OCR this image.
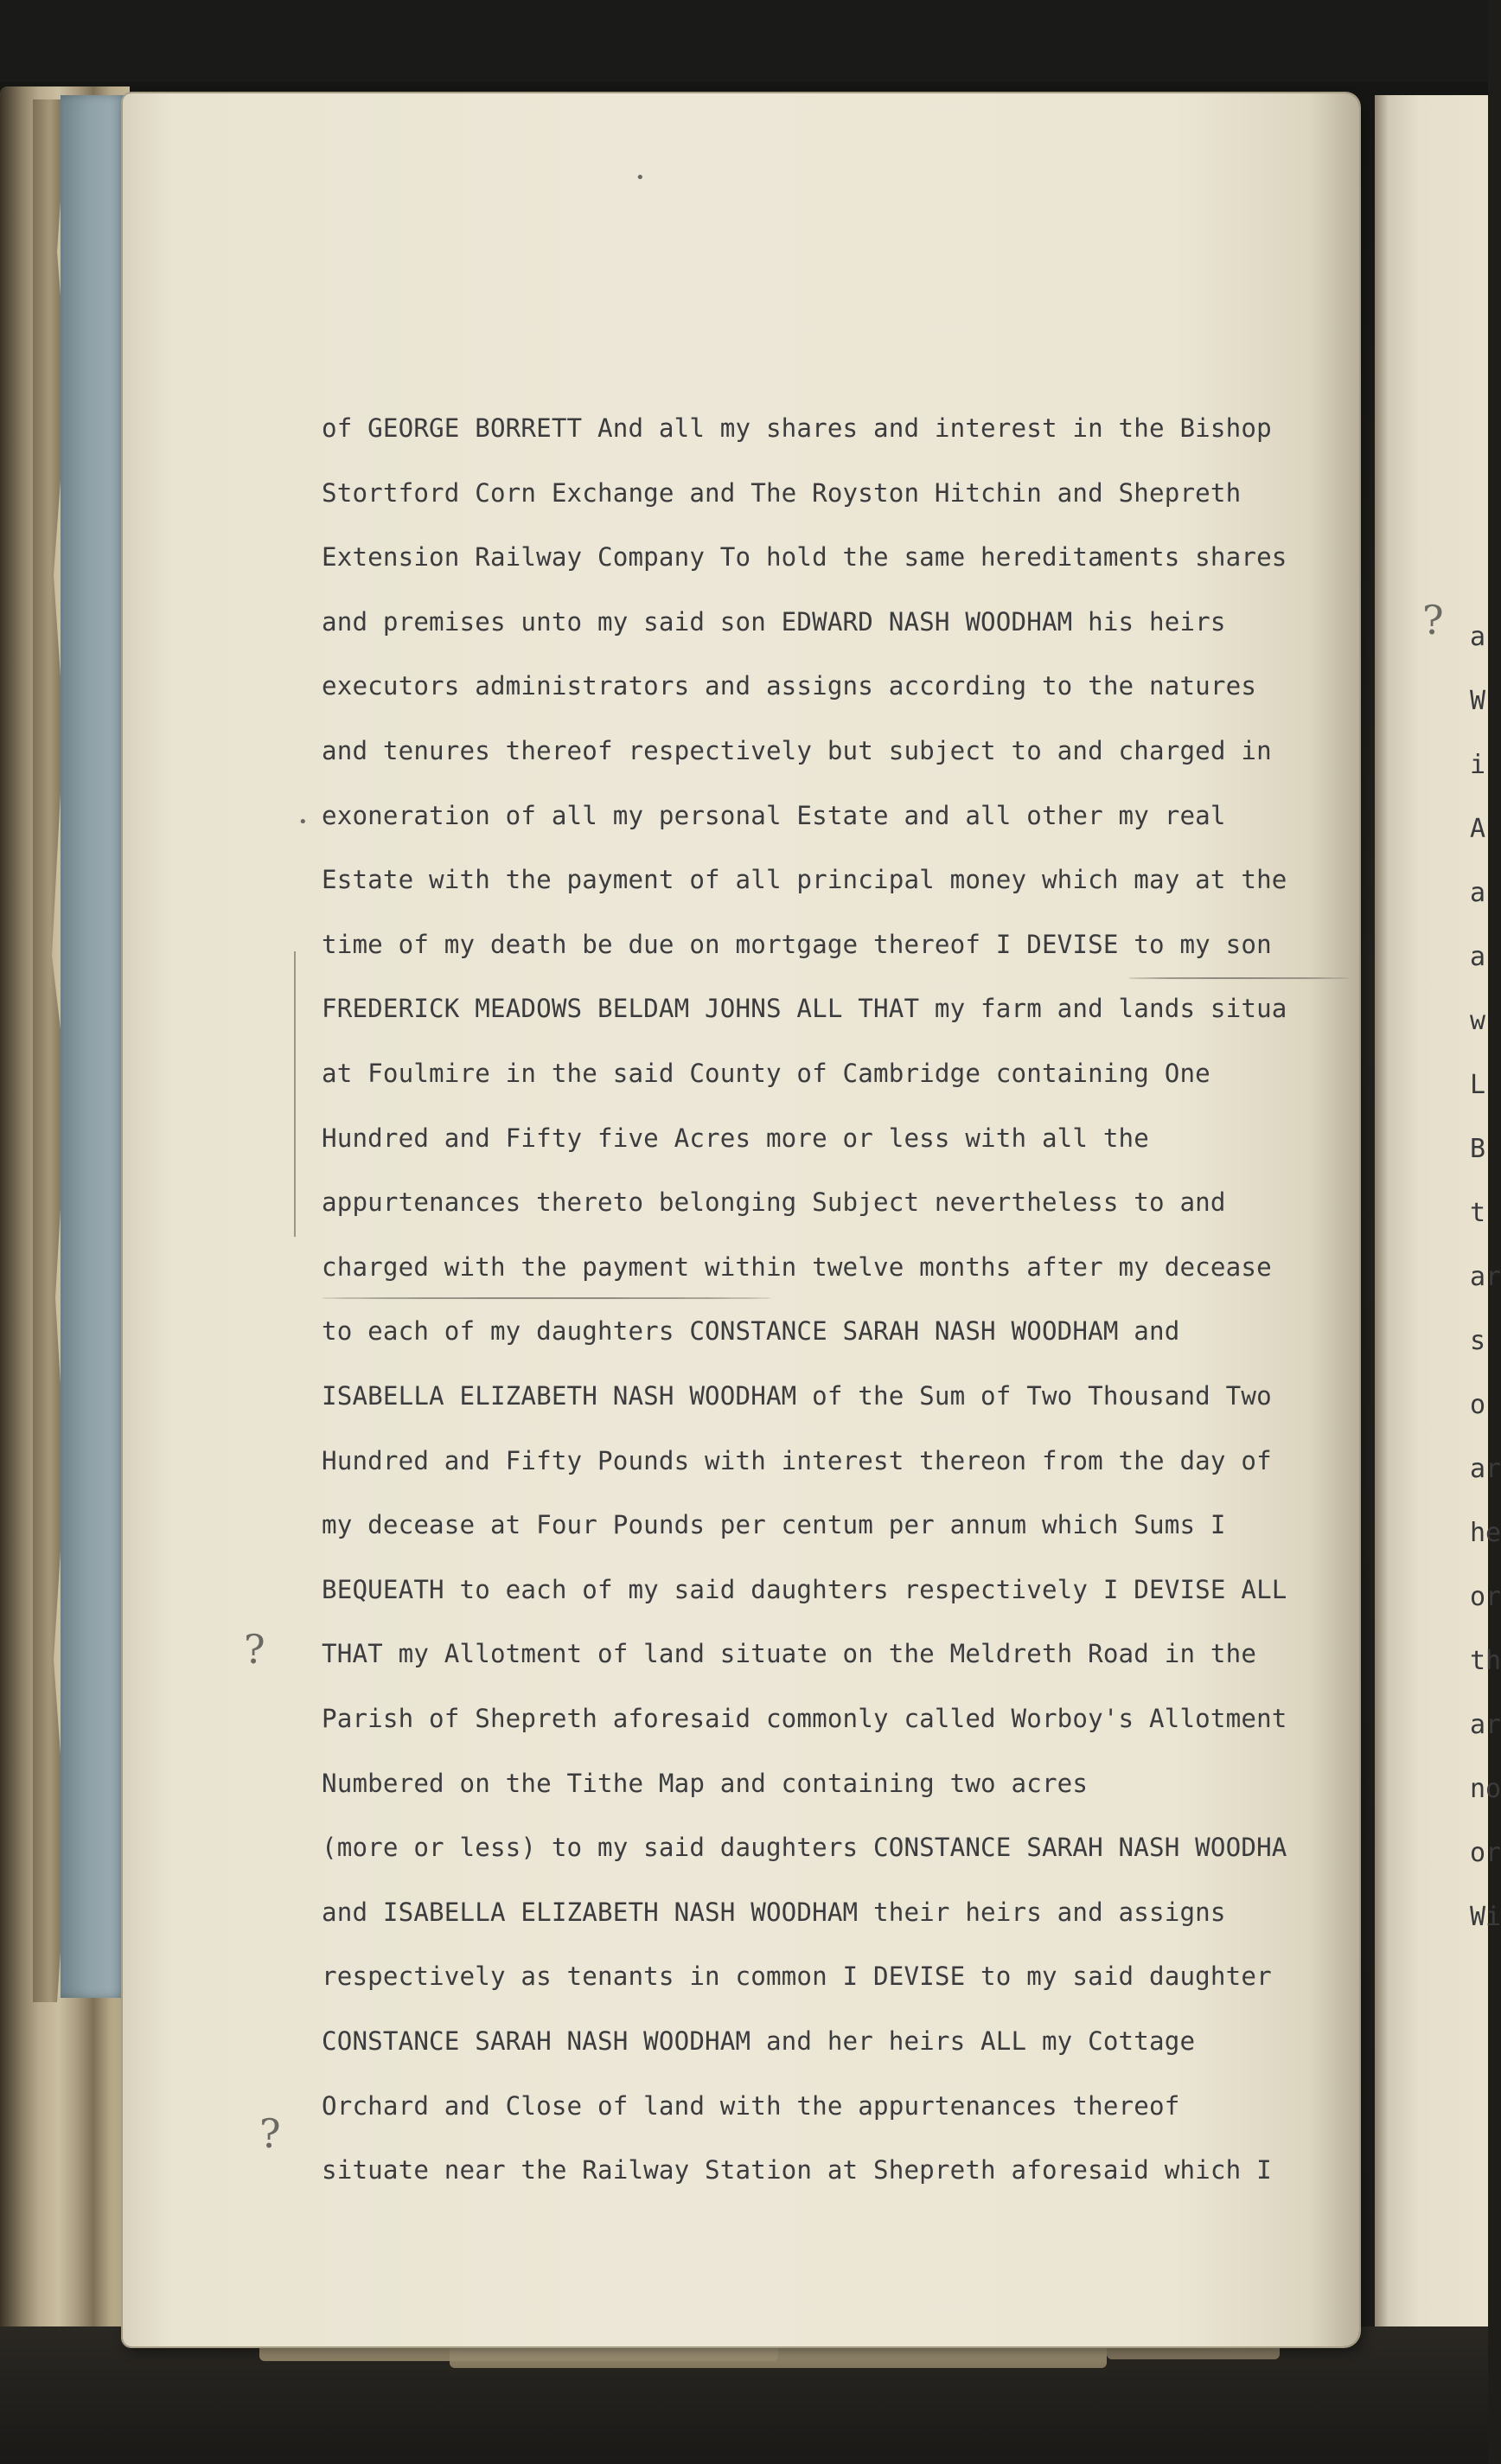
a
W
i
A
a
a
w
L
B
t
ar
s
o
ar
he
or
th
ar
no
or
Wi
•
•
?
?
?
of GEORGE BORRETT And all my shares and interest in the Bishop
Stortford Corn Exchange and The Royston Hitchin and Shepreth
Extension Railway Company To hold the same hereditaments shares
and premises unto my said son EDWARD NASH WOODHAM his heirs
executors administrators and assigns according to the natures
and tenures thereof respectively but subject to and charged in
exoneration of all my personal Estate and all other my real
Estate with the payment of all principal money which may at the
time of my death be due on mortgage thereof I DEVISE to my son
FREDERICK MEADOWS BELDAM JOHNS ALL THAT my farm and lands situa
at Foulmire in the said County of Cambridge containing One
Hundred and Fifty five Acres more or less with all the
appurtenances thereto belonging Subject nevertheless to and
charged with the payment within twelve months after my decease
to each of my daughters CONSTANCE SARAH NASH WOODHAM and
ISABELLA ELIZABETH NASH WOODHAM of the Sum of Two Thousand Two
Hundred and Fifty Pounds with interest thereon from the day of
my decease at Four Pounds per centum per annum which Sums I
BEQUEATH to each of my said daughters respectively I DEVISE ALL
THAT my Allotment of land situate on the Meldreth Road in the
Parish of Shepreth aforesaid commonly called Worboy's Allotment
Numbered on the Tithe Map and containing two acres
(more or less) to my said daughters CONSTANCE SARAH NASH WOODHA
and ISABELLA ELIZABETH NASH WOODHAM their heirs and assigns
respectively as tenants in common I DEVISE to my said daughter
CONSTANCE SARAH NASH WOODHAM and her heirs ALL my Cottage
Orchard and Close of land with the appurtenances thereof
situate near the Railway Station at Shepreth aforesaid which I
